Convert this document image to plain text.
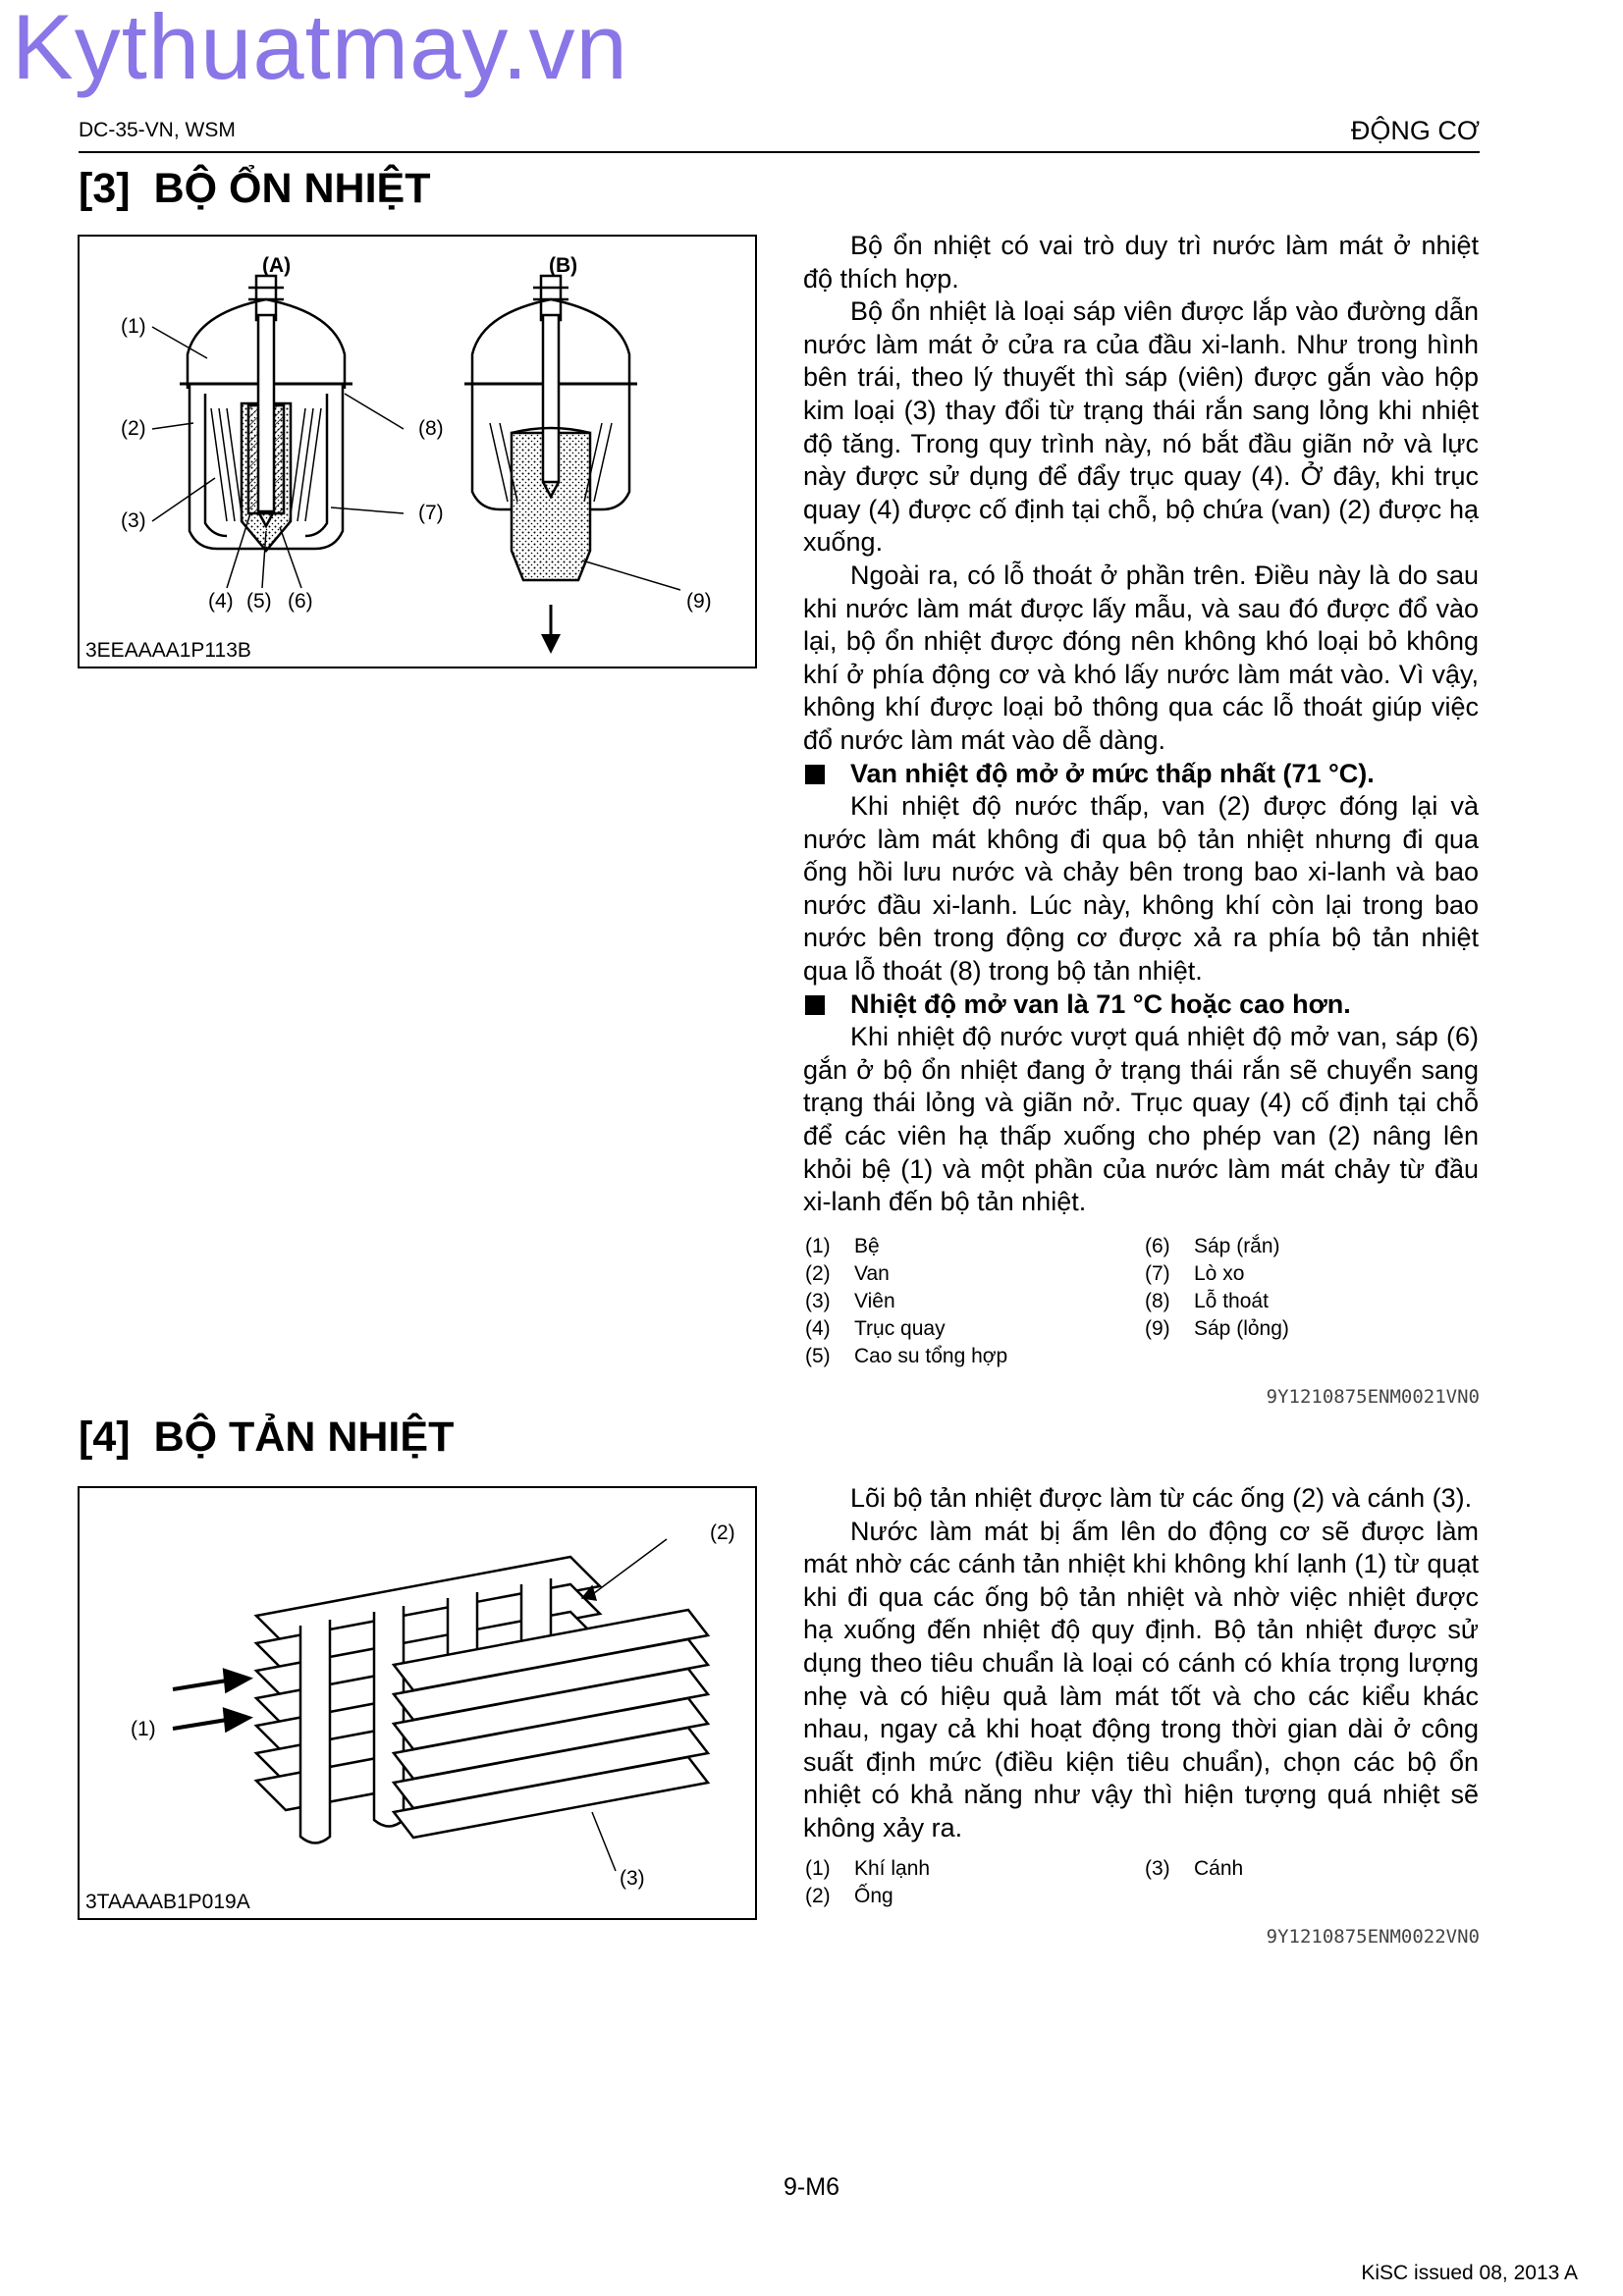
Kythuatmay.vn
DC-35-VN, WSM	ĐỘNG CƠ
[3] BỘ ỔN NHIỆT
(A)	(B)
(1)
(2)
(3)
(4) (5) (6)
(7)
(8)
(9)
3EEAAAA1P113B

Bộ ổn nhiệt có vai trò duy trì nước làm mát ở nhiệt độ thích hợp.

Bộ ổn nhiệt là loại sáp viên được lắp vào đường dẫn nước làm mát ở cửa ra của đầu xi-lanh. Như trong hình bên trái, theo lý thuyết thì sáp (viên) được gắn vào hộp kim loại (3) thay đổi từ trạng thái rắn sang lỏng khi nhiệt độ tăng. Trong quy trình này, nó bắt đầu giãn nở và lực này được sử dụng để đẩy trục quay (4). Ở đây, khi trục quay (4) được cố định tại chỗ, bộ chứa (van) (2) được hạ xuống.

Ngoài ra, có lỗ thoát ở phần trên. Điều này là do sau khi nước làm mát được lấy mẫu, và sau đó được đổ vào lại, bộ ổn nhiệt được đóng nên không khó loại bỏ không khí ở phía động cơ và khó lấy nước làm mát vào. Vì vậy, không khí được loại bỏ thông qua các lỗ thoát giúp việc đổ nước làm mát vào dễ dàng.

Van nhiệt độ mở ở mức thấp nhất (71 °C).

Khi nhiệt độ nước thấp, van (2) được đóng lại và nước làm mát không đi qua bộ tản nhiệt nhưng đi qua ống hồi lưu nước và chảy bên trong bao xi-lanh và bao nước đầu xi-lanh. Lúc này, không khí còn lại trong bao nước bên trong động cơ được xả ra phía bộ tản nhiệt qua lỗ thoát (8) trong bộ tản nhiệt.

Nhiệt độ mở van là 71 °C hoặc cao hơn.

Khi nhiệt độ nước vượt quá nhiệt độ mở van, sáp (6) gắn ở bộ ổn nhiệt đang ở trạng thái rắn sẽ chuyển sang trạng thái lỏng và giãn nở. Trục quay (4) cố định tại chỗ để các viên hạ thấp xuống cho phép van (2) nâng lên khỏi bệ (1) và một phần của nước làm mát chảy từ đầu xi-lanh đến bộ tản nhiệt.

(1)	Bệ
(2)	Van
(3)	Viên
(4)	Trục quay
(5)	Cao su tổng hợp
(6)	Sáp (rắn)
(7)	Lò xo
(8)	Lỗ thoát
(9)	Sáp (lỏng)
9Y1210875ENM0021VN0
[4] BỘ TẢN NHIỆT
(1)
(2)
(3)
3TAAAAB1P019A

Lõi bộ tản nhiệt được làm từ các ống (2) và cánh (3).

Nước làm mát bị ấm lên do động cơ sẽ được làm mát nhờ các cánh tản nhiệt khi không khí lạnh (1) từ quạt khi đi qua các ống bộ tản nhiệt và nhờ việc nhiệt được hạ xuống đến nhiệt độ quy định. Bộ tản nhiệt được sử dụng theo tiêu chuẩn là loại có cánh có khía trọng lượng nhẹ và có hiệu quả làm mát tốt và cho các kiểu khác nhau, ngay cả khi hoạt động trong thời gian dài ở công suất định mức (điều kiện tiêu chuẩn), chọn các bộ ổn nhiệt có khả năng như vậy thì hiện tượng quá nhiệt sẽ không xảy ra.

(1)	Khí lạnh
(2)	Ống
(3)	Cánh
9Y1210875ENM0022VN0
9-M6
KiSC issued 08, 2013 A
